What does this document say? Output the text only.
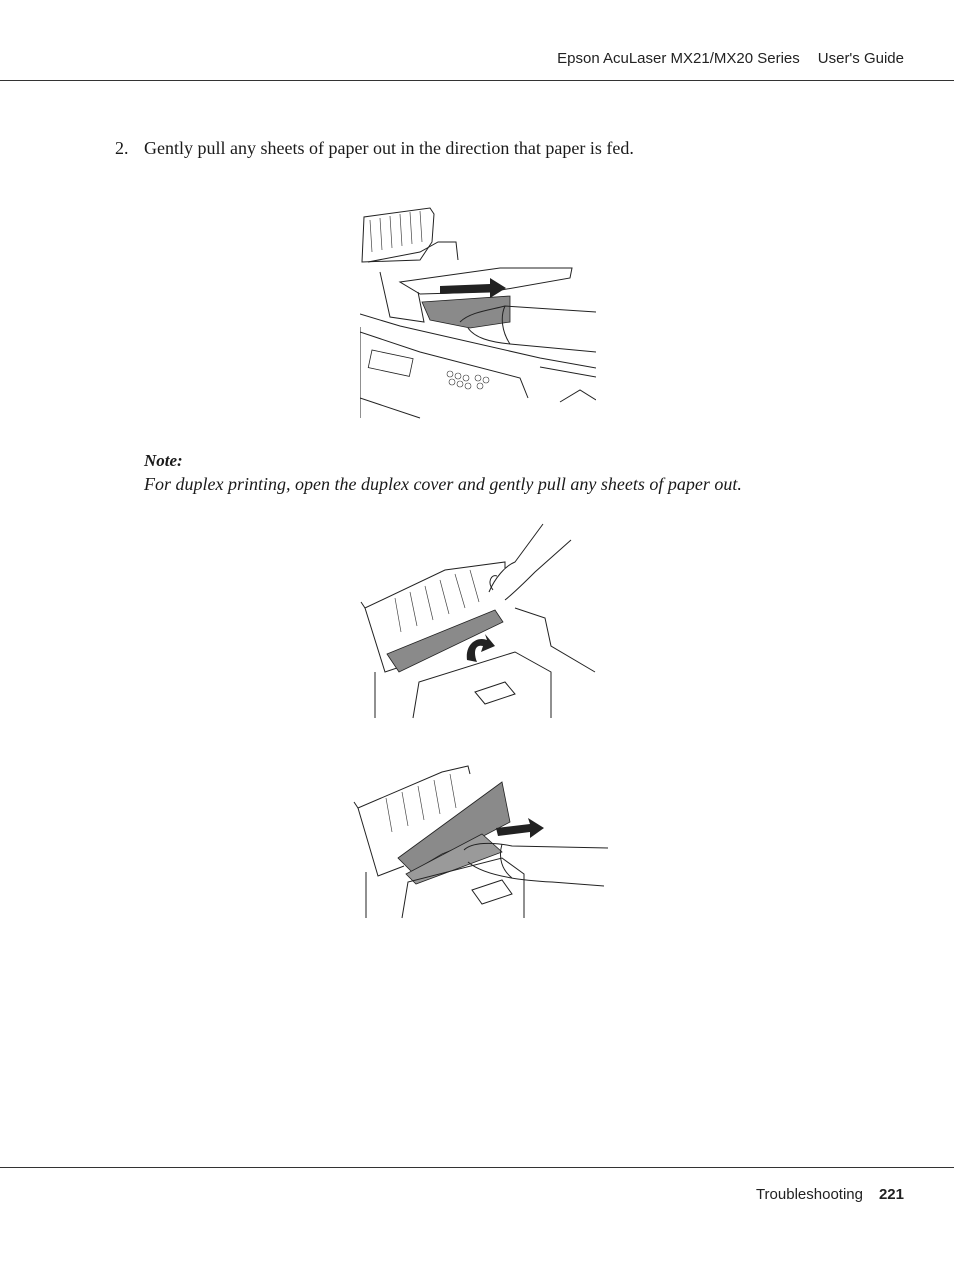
Epson AcuLaser MX21/MX20 Series User's Guide
2. Gently pull any sheets of paper out in the direction that paper is fed.
Note:
For duplex printing, open the duplex cover and gently pull any sheets of paper out.
Troubleshooting 221
